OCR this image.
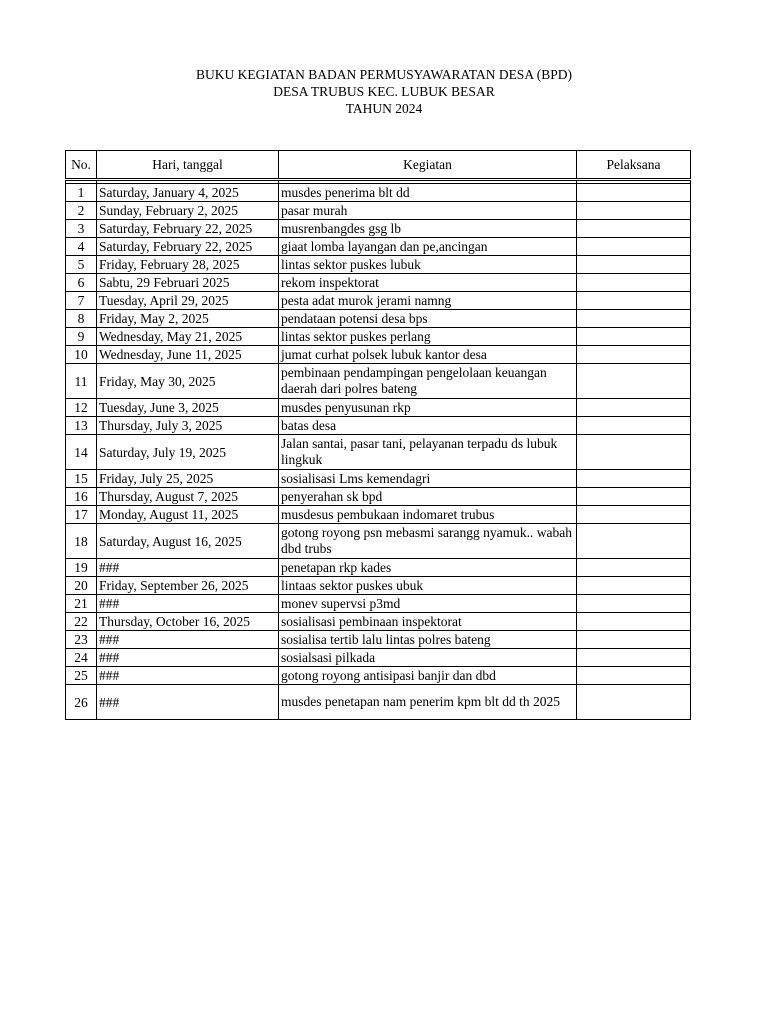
BUKU KEGIATAN BADAN PERMUSYAWARATAN DESA (BPD)
DESA TRUBUS KEC. LUBUK BESAR
TAHUN 2024
No.	Hari, tanggal	Kegiatan	Pelaksana

1	Saturday, January 4, 2025	musdes penerima blt dd	
2	Sunday, February 2, 2025	pasar murah	
3	Saturday, February 22, 2025	musrenbangdes gsg lb	
4	Saturday, February 22, 2025	giaat lomba layangan dan pe,ancingan	
5	Friday, February 28, 2025	lintas sektor puskes lubuk	
6	Sabtu, 29 Februari 2025	rekom inspektorat	
7	Tuesday, April 29, 2025	pesta adat murok jerami namng	
8	Friday, May 2, 2025	pendataan potensi desa bps	
9	Wednesday, May 21, 2025	lintas sektor puskes perlang	
10	Wednesday, June 11, 2025	jumat curhat polsek lubuk kantor desa	
11	Friday, May 30, 2025	pembinaan pendampingan pengelolaan keuangan daerah dari polres bateng	
12	Tuesday, June 3, 2025	musdes penyusunan rkp	
13	Thursday, July 3, 2025	batas desa	
14	Saturday, July 19, 2025	Jalan santai, pasar tani, pelayanan terpadu ds lubuk lingkuk	
15	Friday, July 25, 2025	sosialisasi Lms kemendagri	
16	Thursday, August 7, 2025	penyerahan sk bpd	
17	Monday, August 11, 2025	musdesus pembukaan indomaret trubus	
18	Saturday, August 16, 2025	gotong royong psn mebasmi sarangg nyamuk.. wabah dbd trubs	
19	###	penetapan rkp kades	
20	Friday, September 26, 2025	lintaas sektor puskes ubuk	
21	###	monev supervsi p3md	
22	Thursday, October 16, 2025	sosialisasi pembinaan inspektorat	
23	###	sosialisa tertib lalu lintas polres bateng	
24	###	sosialsasi pilkada	
25	###	gotong royong antisipasi banjir dan dbd	
26	###	musdes penetapan nam penerim kpm blt dd th 2025	
